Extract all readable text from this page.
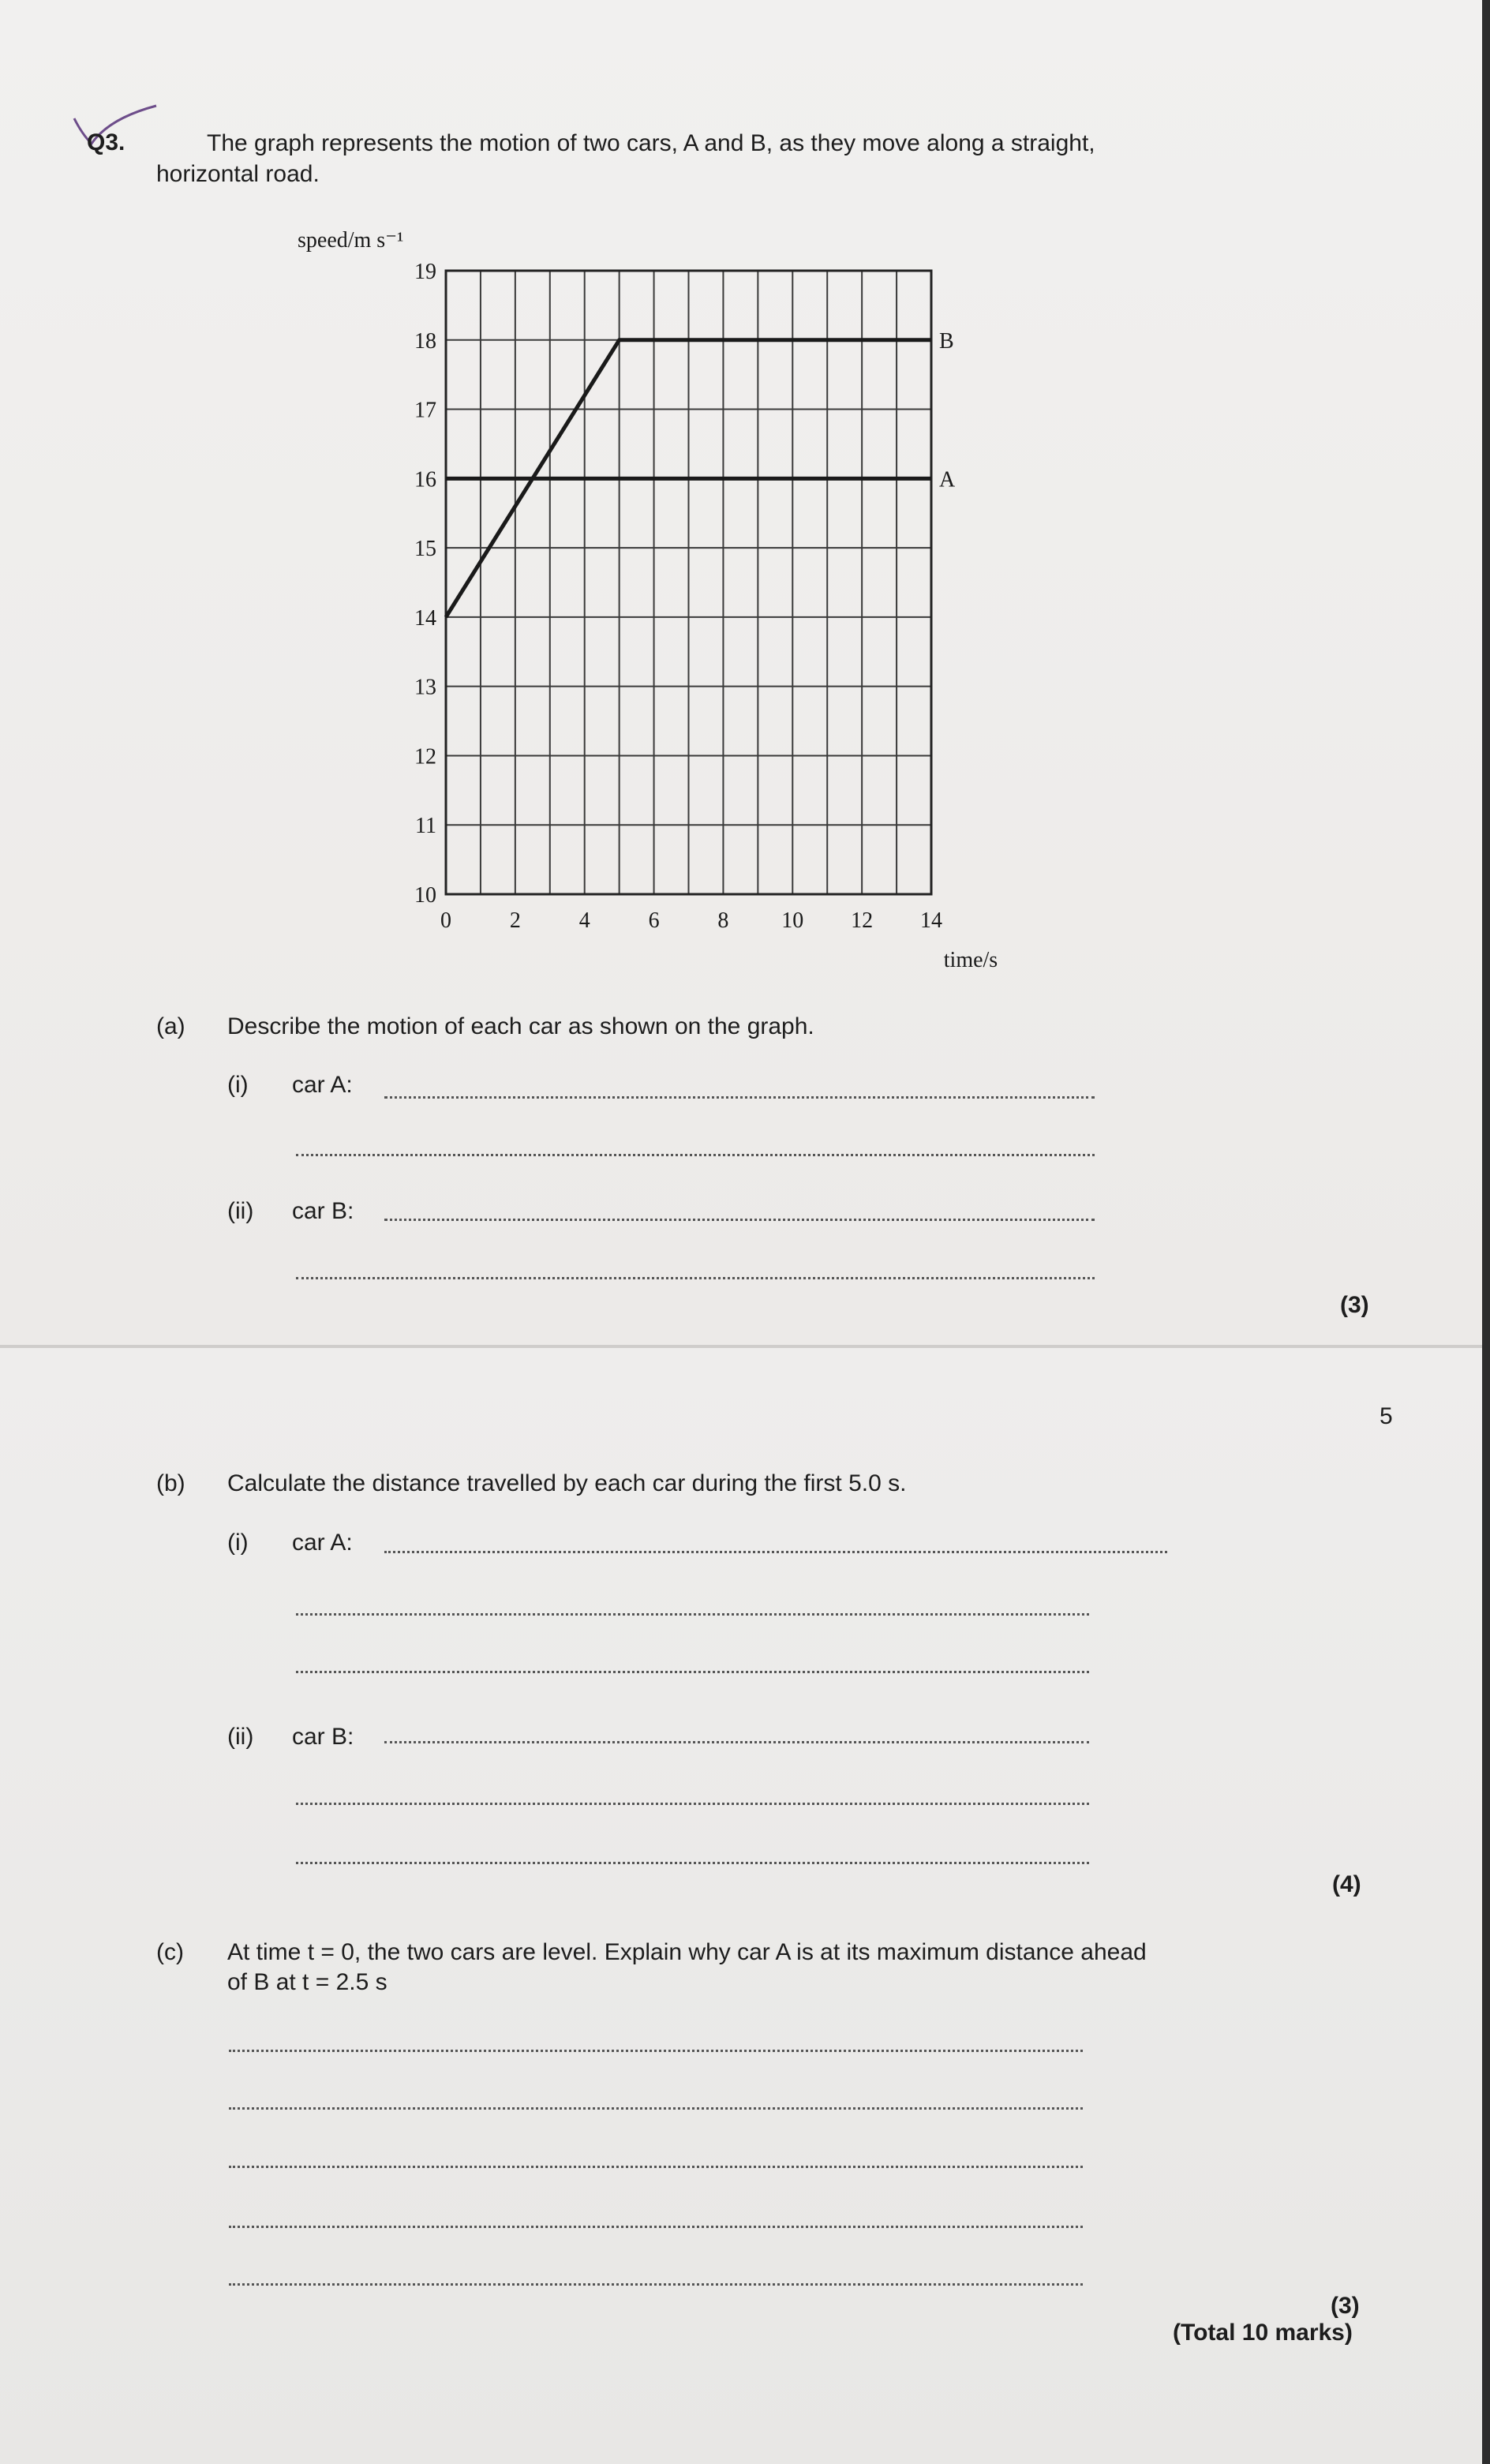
Q3.	The graph represents the motion of two cars, A and B, as they move along a straight,
horizontal road.
A
B
10
11
12
13
14
15
16
17
18
19
0	2	4	6	8 10 12 14
speed/m s⁻¹
time/s
(a) Describe the motion of each car as shown on the graph.
(i) car A:
(ii) car B:
(3)
5
(b) Calculate the distance travelled by each car during the first 5.0 s.
(i) car A:
(ii) car B:
(4)
(c) At time t = 0, the two cars are level. Explain why car A is at its maximum distance ahead
of B at t = 2.5 s
(3)
(Total 10 marks)
